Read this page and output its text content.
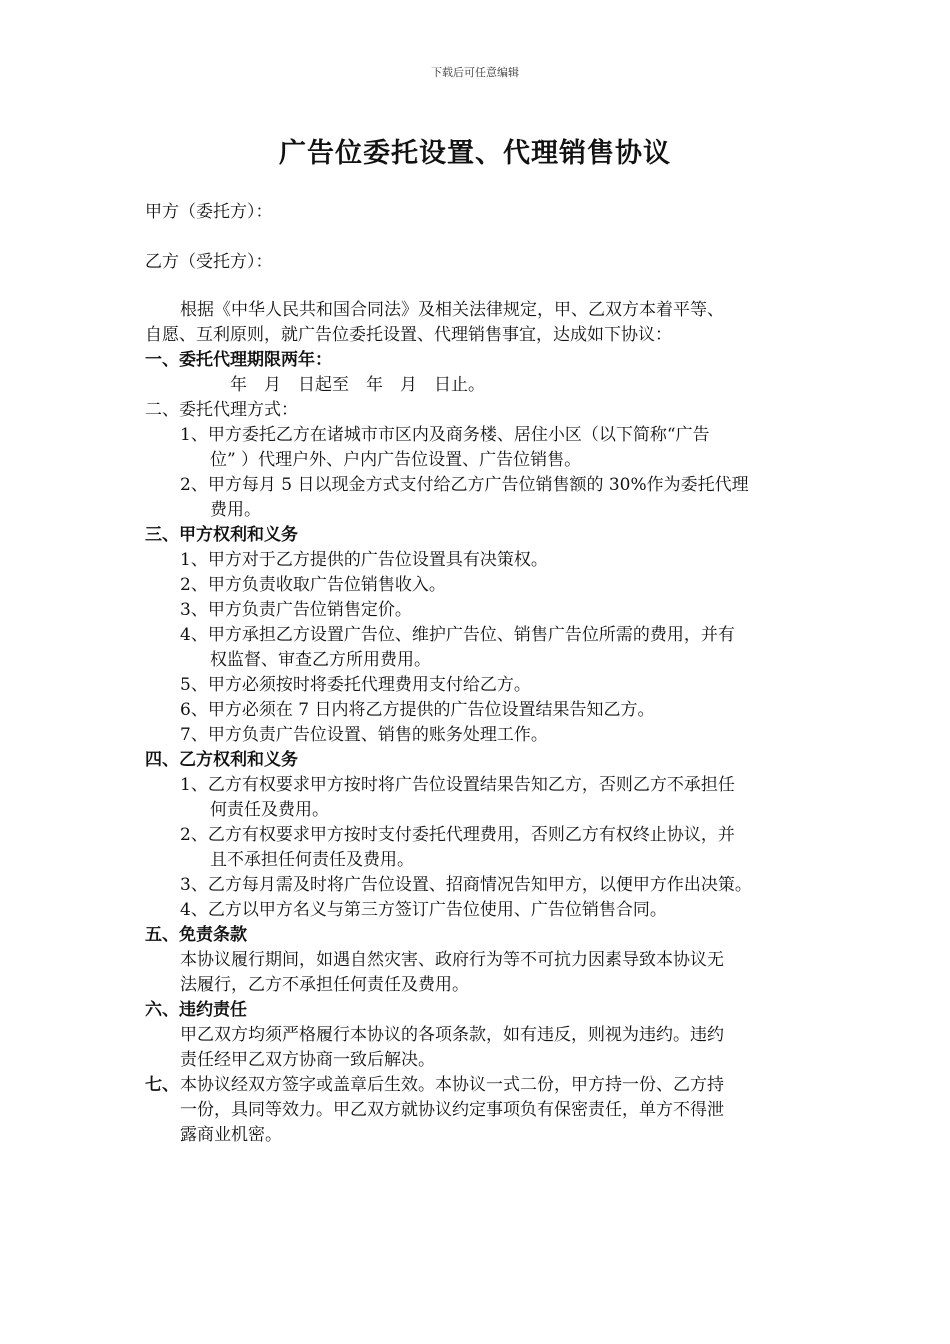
下载后可任意编辑
广告位委托设置、代理销售协议
甲方（委托方）：
乙方（受托方）：
根据《中华人民共和国合同法》及相关法律规定，甲、乙双方本着平等、
自愿、互利原则，就广告位委托设置、代理销售事宜，达成如下协议：
一、委托代理期限两年：
年　月　日起至　年　月　日止。
二、委托代理方式：
1、甲方委托乙方在诸城市市区内及商务楼、居住小区（以下简称“广告
位” ）代理户外、户内广告位设置、广告位销售。
2、甲方每月 5 日以现金方式支付给乙方广告位销售额的 30%作为委托代理
费用。
三、甲方权利和义务
1、甲方对于乙方提供的广告位设置具有决策权。
2、甲方负责收取广告位销售收入。
3、甲方负责广告位销售定价。
4、甲方承担乙方设置广告位、维护广告位、销售广告位所需的费用，并有
权监督、审查乙方所用费用。
5、甲方必须按时将委托代理费用支付给乙方。
6、甲方必须在 7 日内将乙方提供的广告位设置结果告知乙方。
7、甲方负责广告位设置、销售的账务处理工作。
四、乙方权利和义务
1、乙方有权要求甲方按时将广告位设置结果告知乙方，否则乙方不承担任
何责任及费用。
2、乙方有权要求甲方按时支付委托代理费用，否则乙方有权终止协议，并
且不承担任何责任及费用。
3、乙方每月需及时将广告位设置、招商情况告知甲方，以便甲方作出决策。
4、乙方以甲方名义与第三方签订广告位使用、广告位销售合同。
五、免责条款
本协议履行期间，如遇自然灾害、政府行为等不可抗力因素导致本协议无
法履行，乙方不承担任何责任及费用。
六、违约责任
甲乙双方均须严格履行本协议的各项条款，如有违反，则视为违约。违约
责任经甲乙双方协商一致后解决。
七、 本协议经双方签字或盖章后生效。本协议一式二份，甲方持一份、乙方持
一份，具同等效力。甲乙双方就协议约定事项负有保密责任，单方不得泄
露商业机密。
